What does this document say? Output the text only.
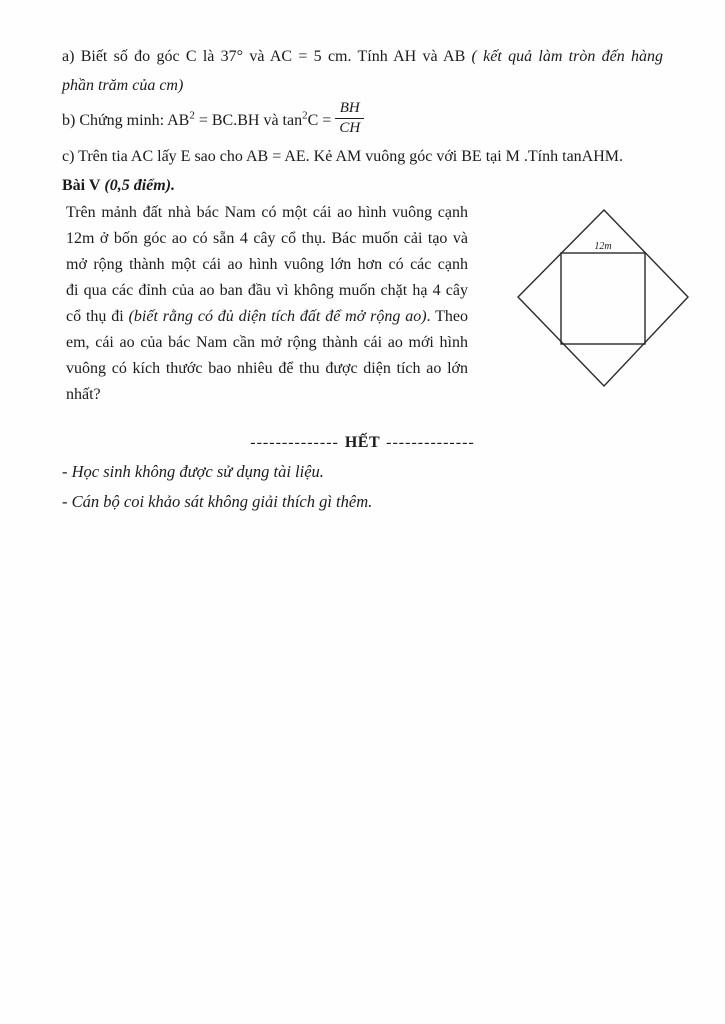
a) Biết số đo góc C là 37° và AC = 5 cm. Tính AH và AB ( kết quả làm tròn đến hàng
phần trăm của cm)
b) Chứng minh: $AB^2 = BC.BH$ và $\tan^2C = \frac{BH}{CH}$
c) Trên tia AC lấy E sao cho AB = AE. Kẻ AM vuông góc với BE tại M .Tính tanAHM.
Bài V (0,5 điểm).
Trên mảnh đất nhà bác Nam có một cái ao hình vuông cạnh
12m ở bốn góc ao có sẵn 4 cây cổ thụ. Bác muốn cải tạo và
mở rộng thành một cái ao hình vuông lớn hơn có các cạnh
đi qua các đỉnh của ao ban đầu vì không muốn chặt hạ 4 cây
cổ thụ đi (biết rằng có đủ diện tích đất để mở rộng ao). Theo
em, cái ao của bác Nam cần mở rộng thành cái ao mới hình
vuông có kích thước bao nhiêu để thu được diện tích ao lớn
nhất?
-------------- HẾT --------------
- Học sinh không được sử dụng tài liệu.
- Cán bộ coi khảo sát không giải thích gì thêm.
12m
